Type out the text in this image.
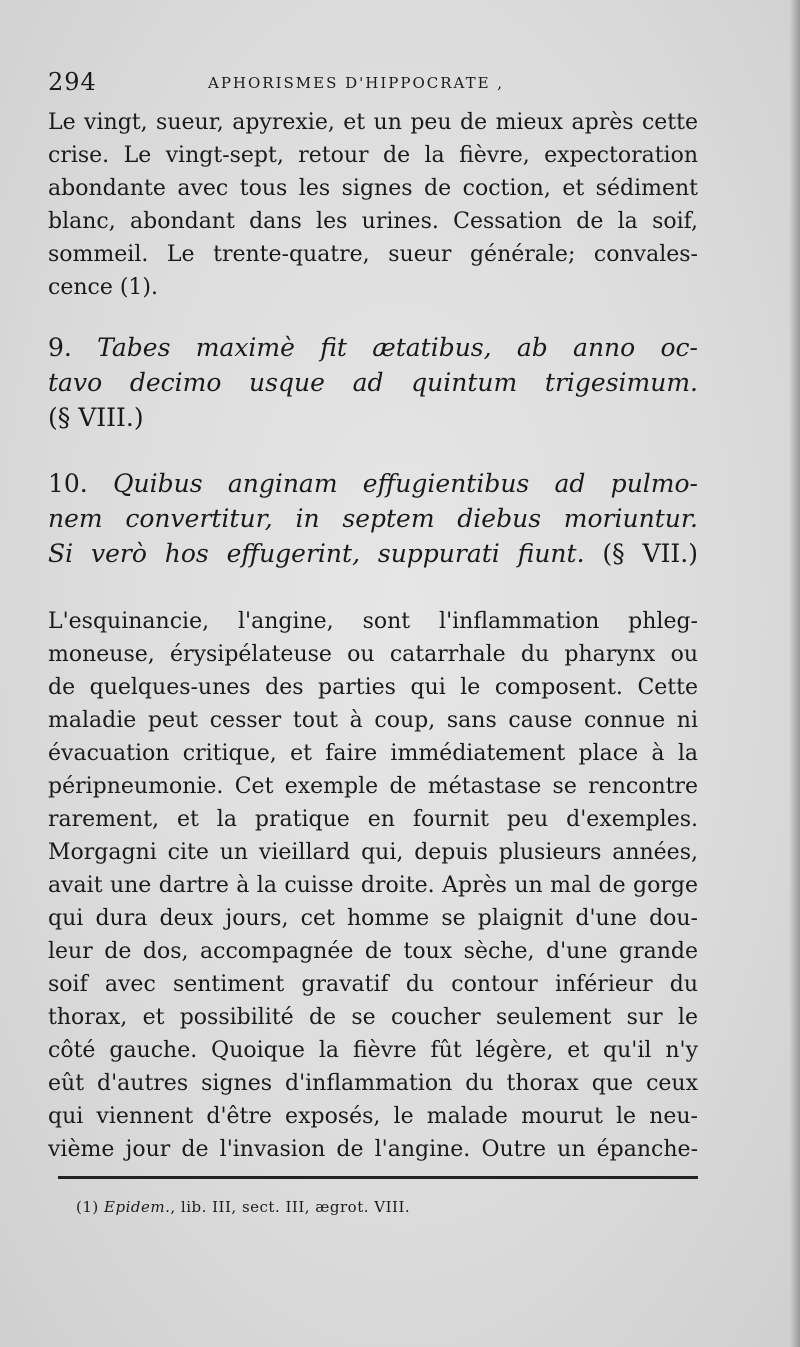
294	APHORISMES D'HIPPOCRATE ,
Le vingt, sueur, apyrexie, et un peu de mieux après cette
crise. Le vingt-sept, retour de la fièvre, expectoration
abondante avec tous les signes de coction, et sédiment
blanc, abondant dans les urines. Cessation de la soif,
sommeil. Le trente-quatre, sueur générale; convales-
cence (1).
9. Tabes maximè fit ætatibus, ab anno oc-
tavo decimo usque ad quintum trigesimum.
(§ VIII.)
10. Quibus anginam effugientibus ad pulmo-
nem convertitur, in septem diebus moriuntur.
Si verò hos effugerint, suppurati fiunt. (§ VII.)
L'esquinancie, l'angine, sont l'inflammation phleg-
moneuse, érysipélateuse ou catarrhale du pharynx ou
de quelques-unes des parties qui le composent. Cette
maladie peut cesser tout à coup, sans cause connue ni
évacuation critique, et faire immédiatement place à la
péripneumonie. Cet exemple de métastase se rencontre
rarement, et la pratique en fournit peu d'exemples.
Morgagni cite un vieillard qui, depuis plusieurs années,
avait une dartre à la cuisse droite. Après un mal de gorge
qui dura deux jours, cet homme se plaignit d'une dou-
leur de dos, accompagnée de toux sèche, d'une grande
soif avec sentiment gravatif du contour inférieur du
thorax, et possibilité de se coucher seulement sur le
côté gauche. Quoique la fièvre fût légère, et qu'il n'y
eût d'autres signes d'inflammation du thorax que ceux
qui viennent d'être exposés, le malade mourut le neu-
vième jour de l'invasion de l'angine. Outre un épanche-
(1) Epidem., lib. III, sect. III, ægrot. VIII.
